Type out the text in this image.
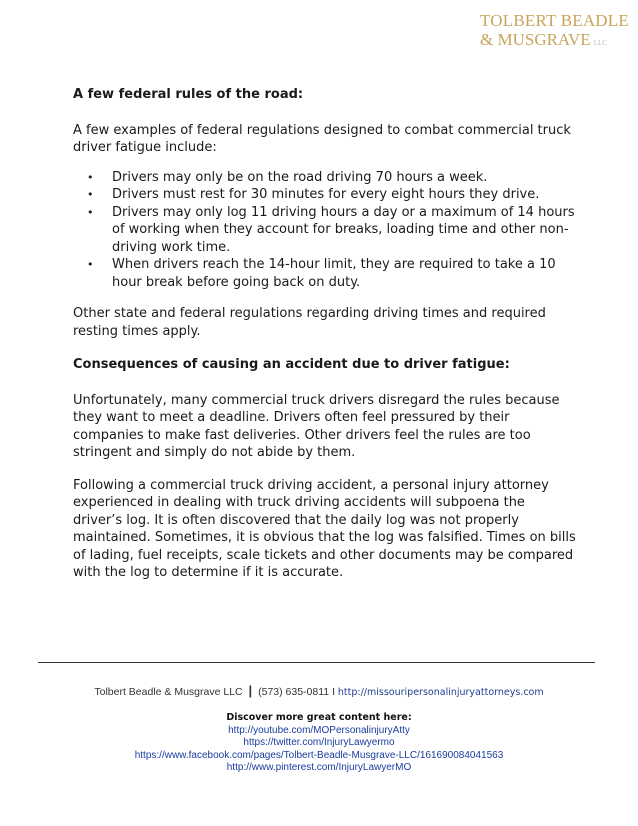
TOLBERT BEADLE
& MUSGRAVE LLC

A few federal rules of the road:

A few examples of federal regulations designed to combat commercial truck driver fatigue include:

• Drivers may only be on the road driving 70 hours a week.
• Drivers must rest for 30 minutes for every eight hours they drive.
• Drivers may only log 11 driving hours a day or a maximum of 14 hours of working when they account for breaks, loading time and other non-driving work time.
• When drivers reach the 14-hour limit, they are required to take a 10 hour break before going back on duty.

Other state and federal regulations regarding driving times and required resting times apply.

Consequences of causing an accident due to driver fatigue:

Unfortunately, many commercial truck drivers disregard the rules because they want to meet a deadline. Drivers often feel pressured by their companies to make fast deliveries. Other drivers feel the rules are too stringent and simply do not abide by them.

Following a commercial truck driving accident, a personal injury attorney experienced in dealing with truck driving accidents will subpoena the driver’s log. It is often discovered that the daily log was not properly maintained. Sometimes, it is obvious that the log was falsified. Times on bills of lading, fuel receipts, scale tickets and other documents may be compared with the log to determine if it is accurate.

Tolbert Beadle & Musgrave LLC | (573) 635-0811 I http://missouripersonalinjuryattorneys.com
Discover more great content here:
http://youtube.com/MOPersonalinjuryAtty
https://twitter.com/InjuryLawyermo
https://www.facebook.com/pages/Tolbert-Beadle-Musgrave-LLC/161690084041563
http://www.pinterest.com/InjuryLawyerMO
